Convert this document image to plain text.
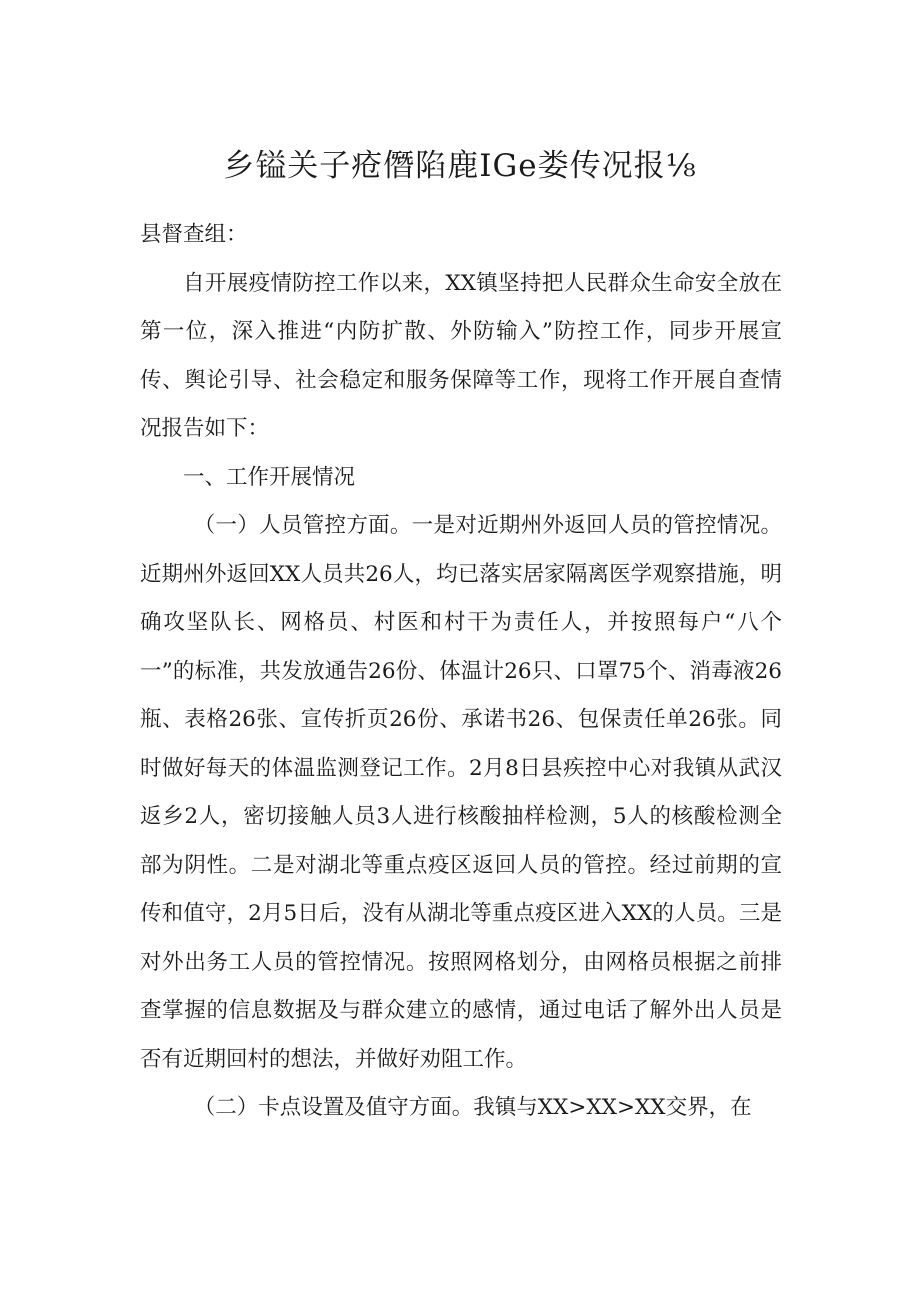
乡镒关子疮僭陷鹿IGe娄传况报⅛

县督查组：

自开展疫情防控工作以来，XX镇坚持把人民群众生命安全放在第一位，深入推进“内防扩散、外防输入”防控工作，同步开展宣传、舆论引导、社会稳定和服务保障等工作，现将工作开展自查情况报告如下：

一、工作开展情况

（一）人员管控方面。一是对近期州外返回人员的管控情况。近期州外返回XX人员共26人，均已落实居家隔离医学观察措施，明确攻坚队长、网格员、村医和村干为责任人，并按照每户“八个一”的标准，共发放通告26份、体温计26只、口罩75个、消毒液26瓶、表格26张、宣传折页26份、承诺书26、包保责任单26张。同时做好每天的体温监测登记工作。2月8日县疾控中心对我镇从武汉返乡2人，密切接触人员3人进行核酸抽样检测，5人的核酸检测全部为阴性。二是对湖北等重点疫区返回人员的管控。经过前期的宣传和值守，2月5日后，没有从湖北等重点疫区进入XX的人员。三是对外出务工人员的管控情况。按照网格划分，由网格员根据之前排查掌握的信息数据及与群众建立的感情，通过电话了解外出人员是否有近期回村的想法，并做好劝阻工作。

（二）卡点设置及值守方面。我镇与XX>XX>XX交界，在
